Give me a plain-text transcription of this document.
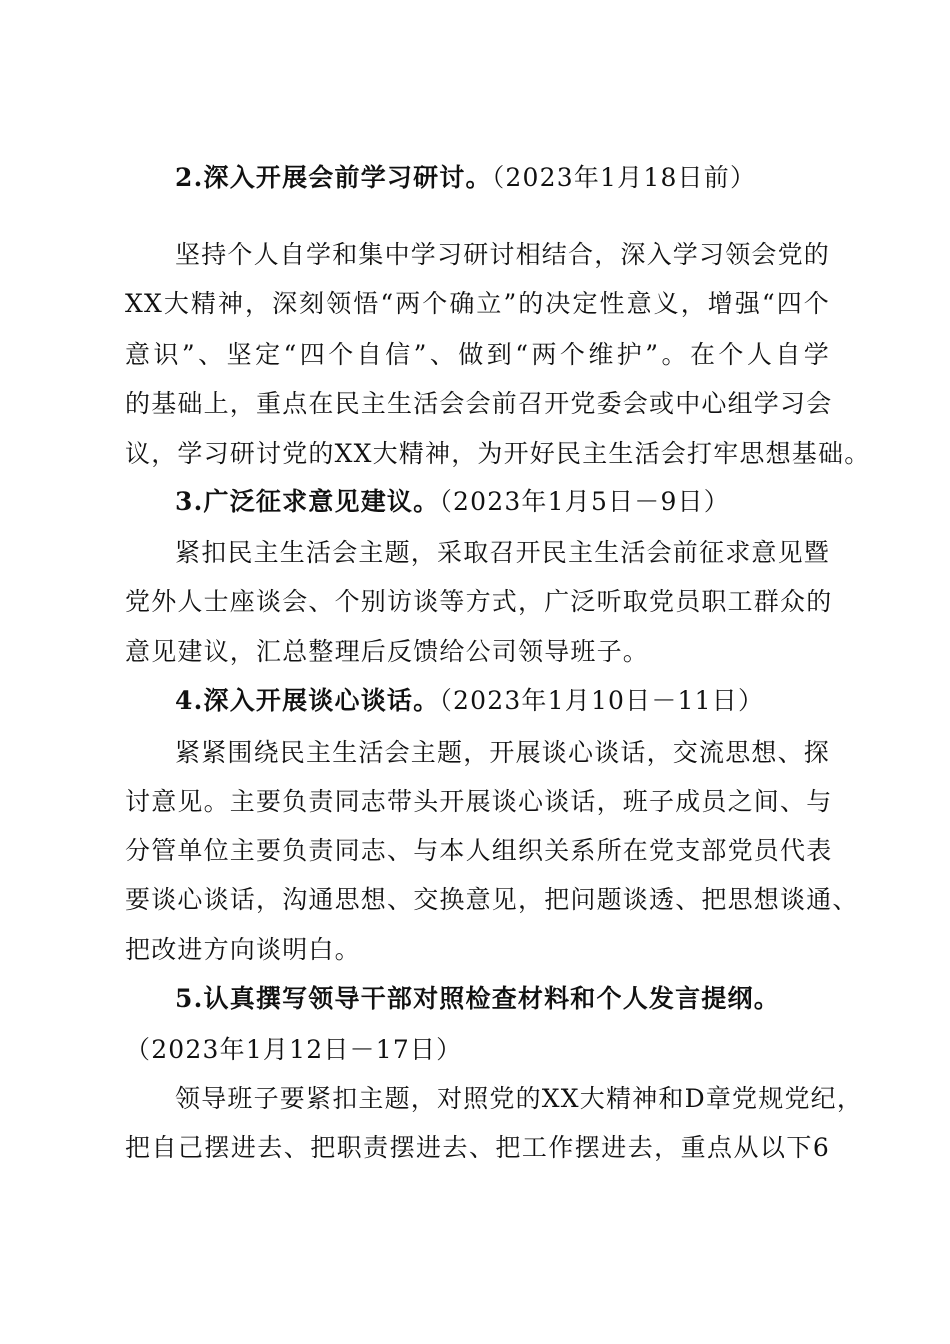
2.深入开展会前学习研讨。（2023年1月18日前）
坚持个人自学和集中学习研讨相结合，深入学习领会党的
XX大精神，深刻领悟“两个确立”的决定性意义，增强“四个
意识”、坚定“四个自信”、做到“两个维护”。在个人自学
的基础上，重点在民主生活会会前召开党委会或中心组学习会
议，学习研讨党的XX大精神，为开好民主生活会打牢思想基础。
3.广泛征求意见建议。（2023年1月5日－9日）
紧扣民主生活会主题，采取召开民主生活会前征求意见暨
党外人士座谈会、个别访谈等方式，广泛听取党员职工群众的
意见建议，汇总整理后反馈给公司领导班子。
4.深入开展谈心谈话。（2023年1月10日－11日）
紧紧围绕民主生活会主题，开展谈心谈话，交流思想、探
讨意见。主要负责同志带头开展谈心谈话，班子成员之间、与
分管单位主要负责同志、与本人组织关系所在党支部党员代表
要谈心谈话，沟通思想、交换意见，把问题谈透、把思想谈通、
把改进方向谈明白。
5.认真撰写领导干部对照检查材料和个人发言提纲。
（2023年1月12日－17日）
领导班子要紧扣主题，对照党的XX大精神和D章党规党纪，
把自己摆进去、把职责摆进去、把工作摆进去，重点从以下6
